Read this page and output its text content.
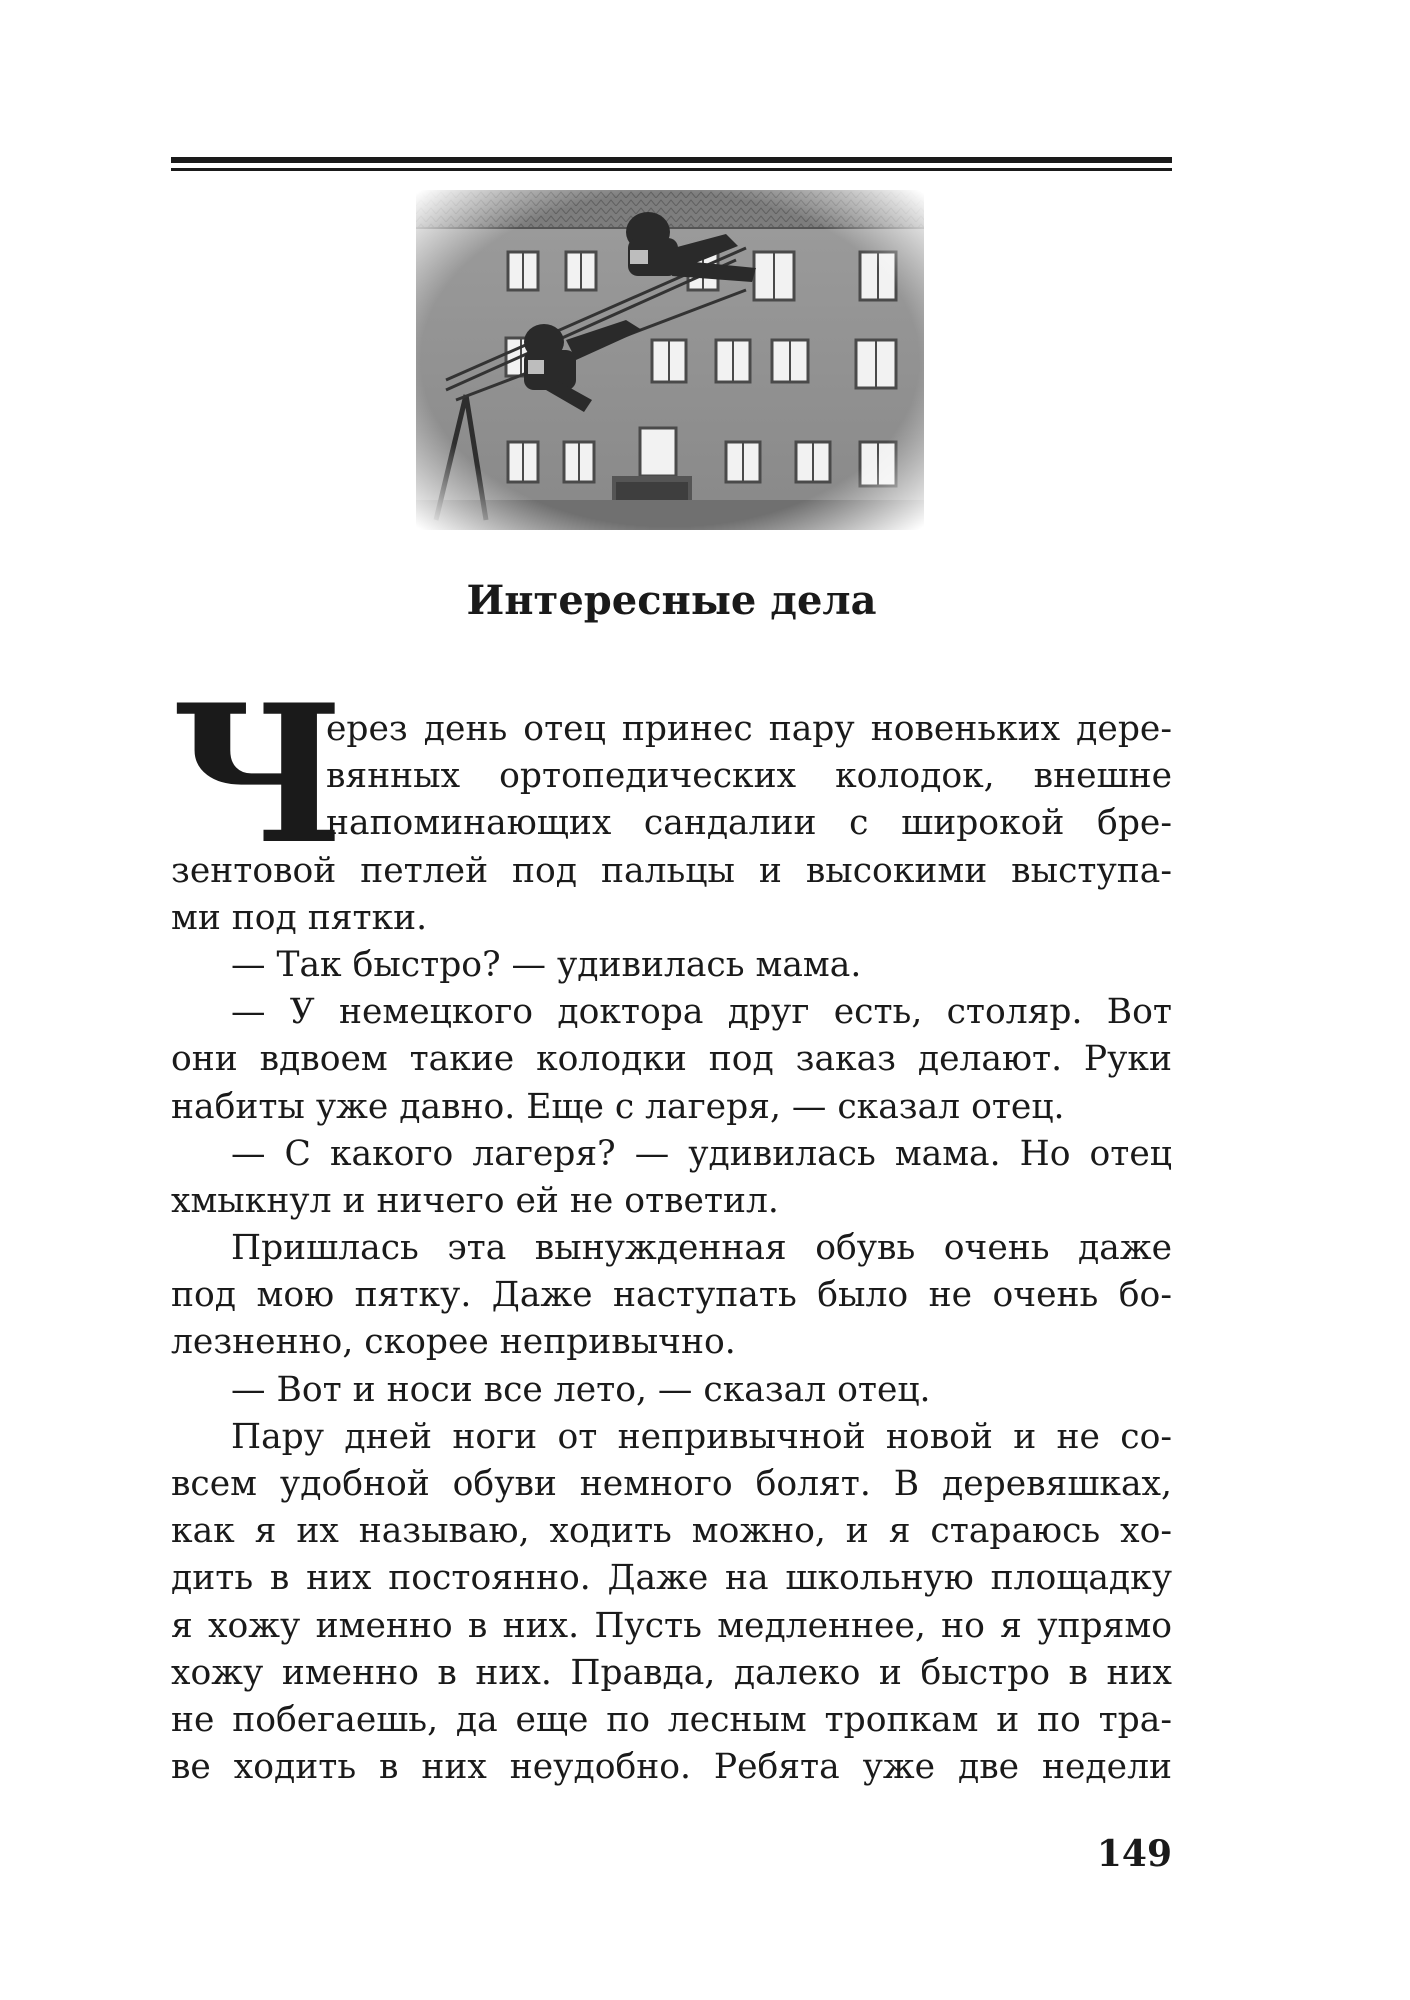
Интересные дела
Ч
ерез день отец принес пару новеньких дере-
вянных ортопедических колодок, внешне
напоминающих сандалии с широкой бре-
зентовой петлей под пальцы и высокими выступа-
ми под пятки.
— Так быстро? — удивилась мама.
— У немецкого доктора друг есть, столяр. Вот
они вдвоем такие колодки под заказ делают. Руки
набиты уже давно. Еще с лагеря, — сказал отец.
— С какого лагеря? — удивилась мама. Но отец
хмыкнул и ничего ей не ответил.
Пришлась эта вынужденная обувь очень даже
под мою пятку. Даже наступать было не очень бо-
лезненно, скорее непривычно.
— Вот и носи все лето, — сказал отец.
Пару дней ноги от непривычной новой и не со-
всем удобной обуви немного болят. В деревяшках,
как я их называю, ходить можно, и я стараюсь хо-
дить в них постоянно. Даже на школьную площадку
я хожу именно в них. Пусть медленнее, но я упрямо
хожу именно в них. Правда, далеко и быстро в них
не побегаешь, да еще по лесным тропкам и по тра-
ве ходить в них неудобно. Ребята уже две недели
149
